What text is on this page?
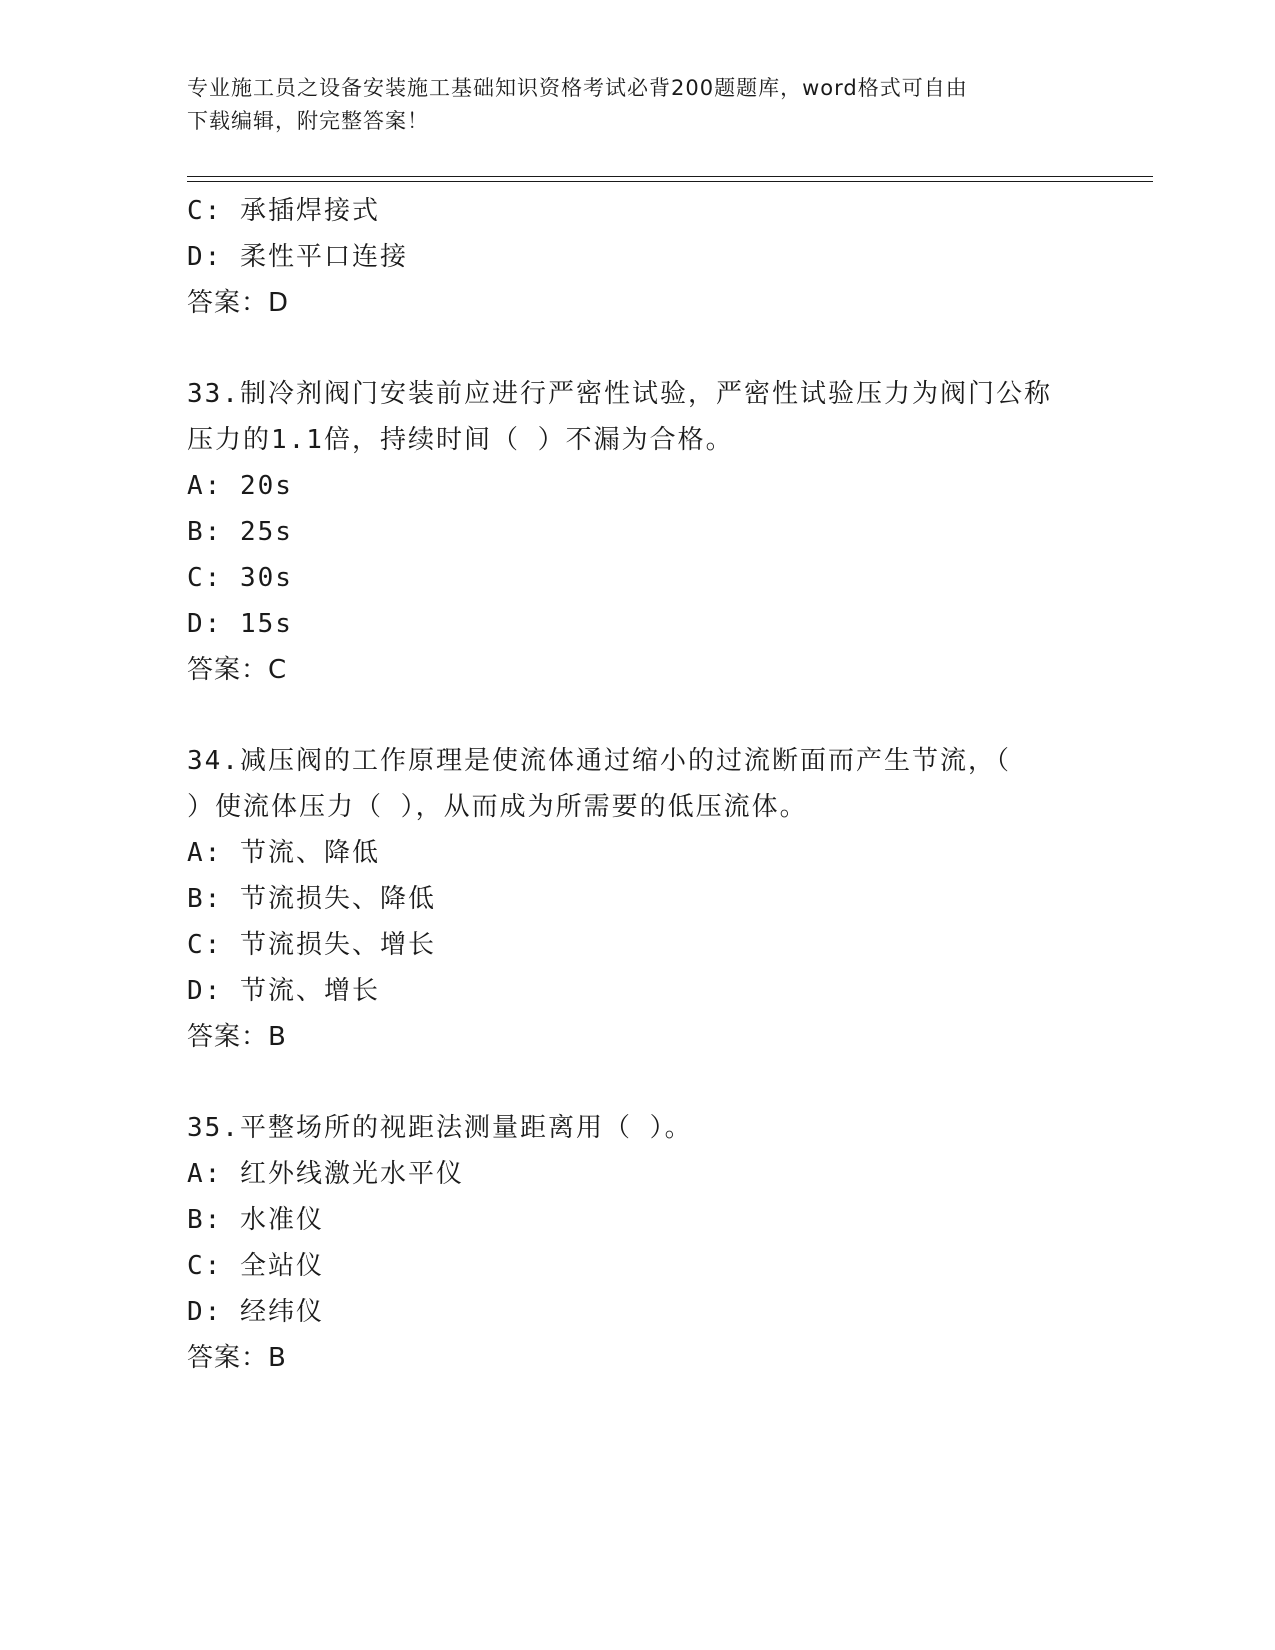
专业施工员之设备安装施工基础知识资格考试必背200题题库，word格式可自由
下载编辑，附完整答案！
C: 承插焊接式
D: 柔性平口连接
答案：D
33.制冷剂阀门安装前应进行严密性试验，严密性试验压力为阀门公称
压力的1.1倍，持续时间（ ）不漏为合格。
A: 20s
B: 25s
C: 30s
D: 15s
答案：C
34.减压阀的工作原理是使流体通过缩小的过流断面而产生节流，（
）使流体压力（ ），从而成为所需要的低压流体。
A: 节流、降低
B: 节流损失、降低
C: 节流损失、增长
D: 节流、增长
答案：B
35.平整场所的视距法测量距离用（ ）。
A: 红外线激光水平仪
B: 水准仪
C: 全站仪
D: 经纬仪
答案：B
